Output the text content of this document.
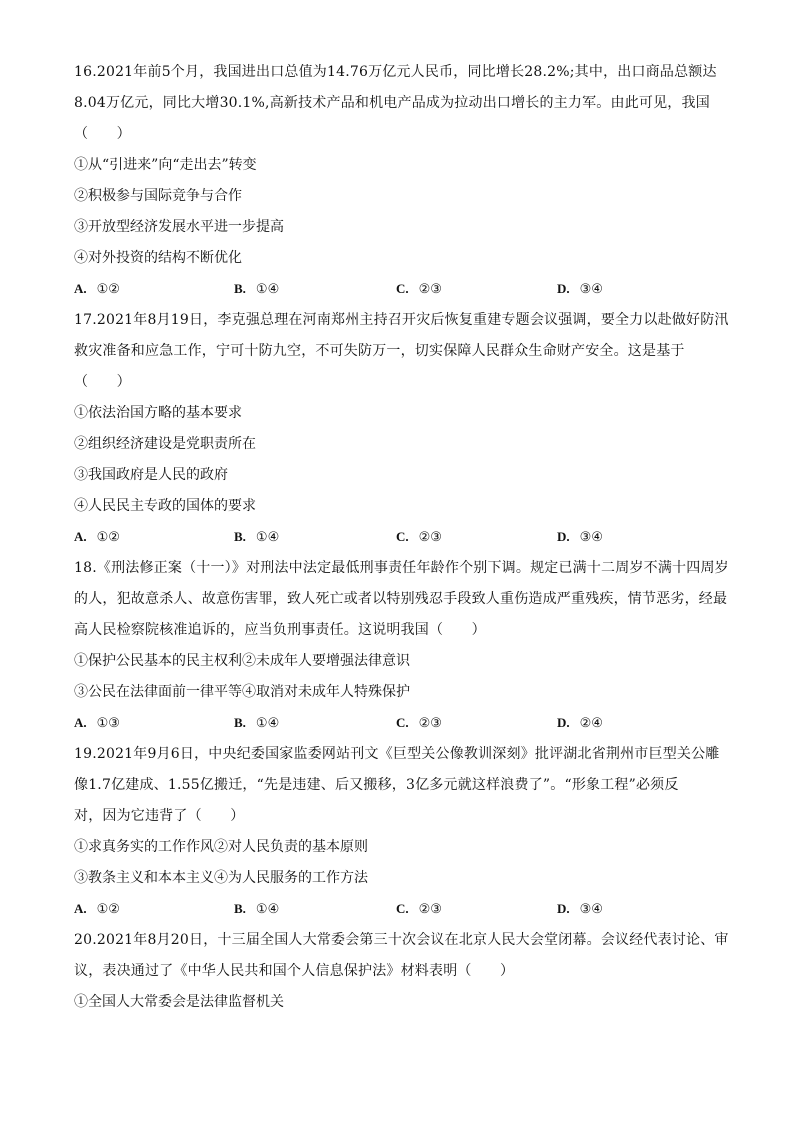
16.2021年前5个月，我国进出口总值为14.76万亿元人民币，同比增长28.2%;其中，出口商品总额达
8.04万亿元，同比大增30.1%,高新技术产品和机电产品成为拉动出口增长的主力军。由此可见，我国
（　　）
①从“引进来”向“走出去”转变
②积极参与国际竞争与合作
③开放型经济发展水平进一步提高
④对外投资的结构不断优化
A. ①②	B. ①④	C. ②③	D. ③④
17.2021年8月19日，李克强总理在河南郑州主持召开灾后恢复重建专题会议强调，要全力以赴做好防汛
救灾准备和应急工作，宁可十防九空，不可失防万一，切实保障人民群众生命财产安全。这是基于
（　　）
①依法治国方略的基本要求
②组织经济建设是党职责所在
③我国政府是人民的政府
④人民民主专政的国体的要求
A. ①②	B. ①④	C. ②③	D. ③④
18.《刑法修正案（十一）》对刑法中法定最低刑事责任年龄作个别下调。规定已满十二周岁不满十四周岁
的人，犯故意杀人、故意伤害罪，致人死亡或者以特别残忍手段致人重伤造成严重残疾，情节恶劣，经最
高人民检察院核准追诉的，应当负刑事责任。这说明我国（　　）
①保护公民基本的民主权利②未成年人要增强法律意识
③公民在法律面前一律平等④取消对未成年人特殊保护
A. ①③	B. ①④	C. ②③	D. ②④
19.2021年9月6日，中央纪委国家监委网站刊文《巨型关公像教训深刻》批评湖北省荆州市巨型关公雕
像1.7亿建成、1.55亿搬迁，“先是违建、后又搬移，3亿多元就这样浪费了”。“形象工程”必须反
对，因为它违背了（　　）
①求真务实的工作作风②对人民负责的基本原则
③教条主义和本本主义④为人民服务的工作方法
A. ①②	B. ①④	C. ②③	D. ③④
20.2021年8月20日，十三届全国人大常委会第三十次会议在北京人民大会堂闭幕。会议经代表讨论、审
议，表决通过了《中华人民共和国个人信息保护法》材料表明（　　）
①全国人大常委会是法律监督机关
